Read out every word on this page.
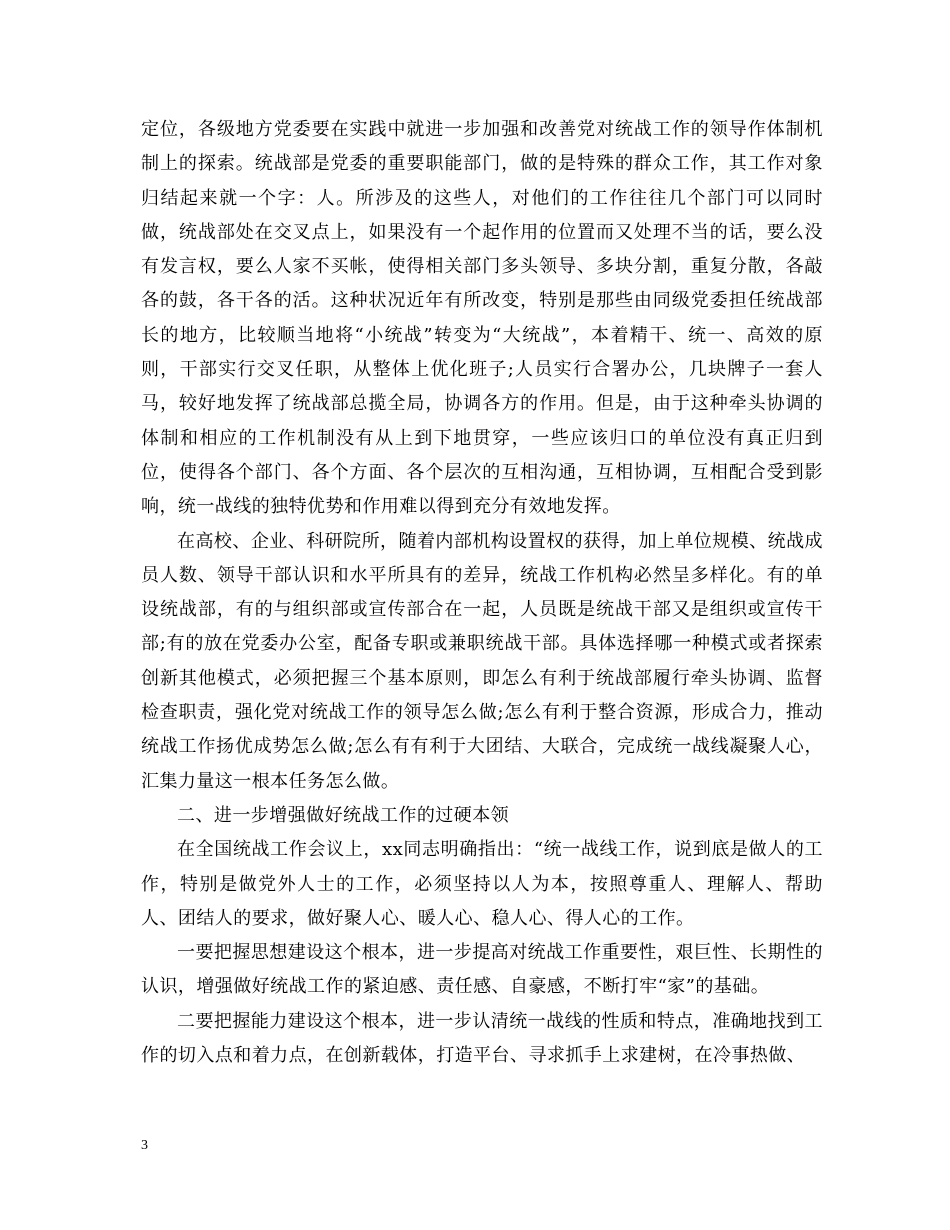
定位，各级地方党委要在实践中就进一步加强和改善党对统战工作的领导作体制机制上的探索。统战部是党委的重要职能部门，做的是特殊的群众工作，其工作对象归结起来就一个字：人。所涉及的这些人，对他们的工作往往几个部门可以同时做，统战部处在交叉点上，如果没有一个起作用的位置而又处理不当的话，要么没有发言权，要么人家不买帐，使得相关部门多头领导、多块分割，重复分散，各敲各的鼓，各干各的活。这种状况近年有所改变，特别是那些由同级党委担任统战部长的地方，比较顺当地将“小统战”转变为“大统战”，本着精干、统一、高效的原则，干部实行交叉任职，从整体上优化班子;人员实行合署办公，几块牌子一套人马，较好地发挥了统战部总揽全局，协调各方的作用。但是，由于这种牵头协调的体制和相应的工作机制没有从上到下地贯穿，一些应该归口的单位没有真正归到位，使得各个部门、各个方面、各个层次的互相沟通，互相协调，互相配合受到影响，统一战线的独特优势和作用难以得到充分有效地发挥。

在高校、企业、科研院所，随着内部机构设置权的获得，加上单位规模、统战成员人数、领导干部认识和水平所具有的差异，统战工作机构必然呈多样化。有的单设统战部，有的与组织部或宣传部合在一起，人员既是统战干部又是组织或宣传干部;有的放在党委办公室，配备专职或兼职统战干部。具体选择哪一种模式或者探索创新其他模式，必须把握三个基本原则，即怎么有利于统战部履行牵头协调、监督检查职责，强化党对统战工作的领导怎么做;怎么有利于整合资源，形成合力，推动统战工作扬优成势怎么做;怎么有有利于大团结、大联合，完成统一战线凝聚人心，汇集力量这一根本任务怎么做。

二、进一步增强做好统战工作的过硬本领

在全国统战工作会议上，xx同志明确指出：“统一战线工作，说到底是做人的工作，特别是做党外人士的工作，必须坚持以人为本，按照尊重人、理解人、帮助人、团结人的要求，做好聚人心、暖人心、稳人心、得人心的工作。

一要把握思想建设这个根本，进一步提高对统战工作重要性，艰巨性、长期性的认识，增强做好统战工作的紧迫感、责任感、自豪感，不断打牢“家”的基础。

二要把握能力建设这个根本，进一步认清统一战线的性质和特点，准确地找到工作的切入点和着力点，在创新载体，打造平台、寻求抓手上求建树，在冷事热做、

3
